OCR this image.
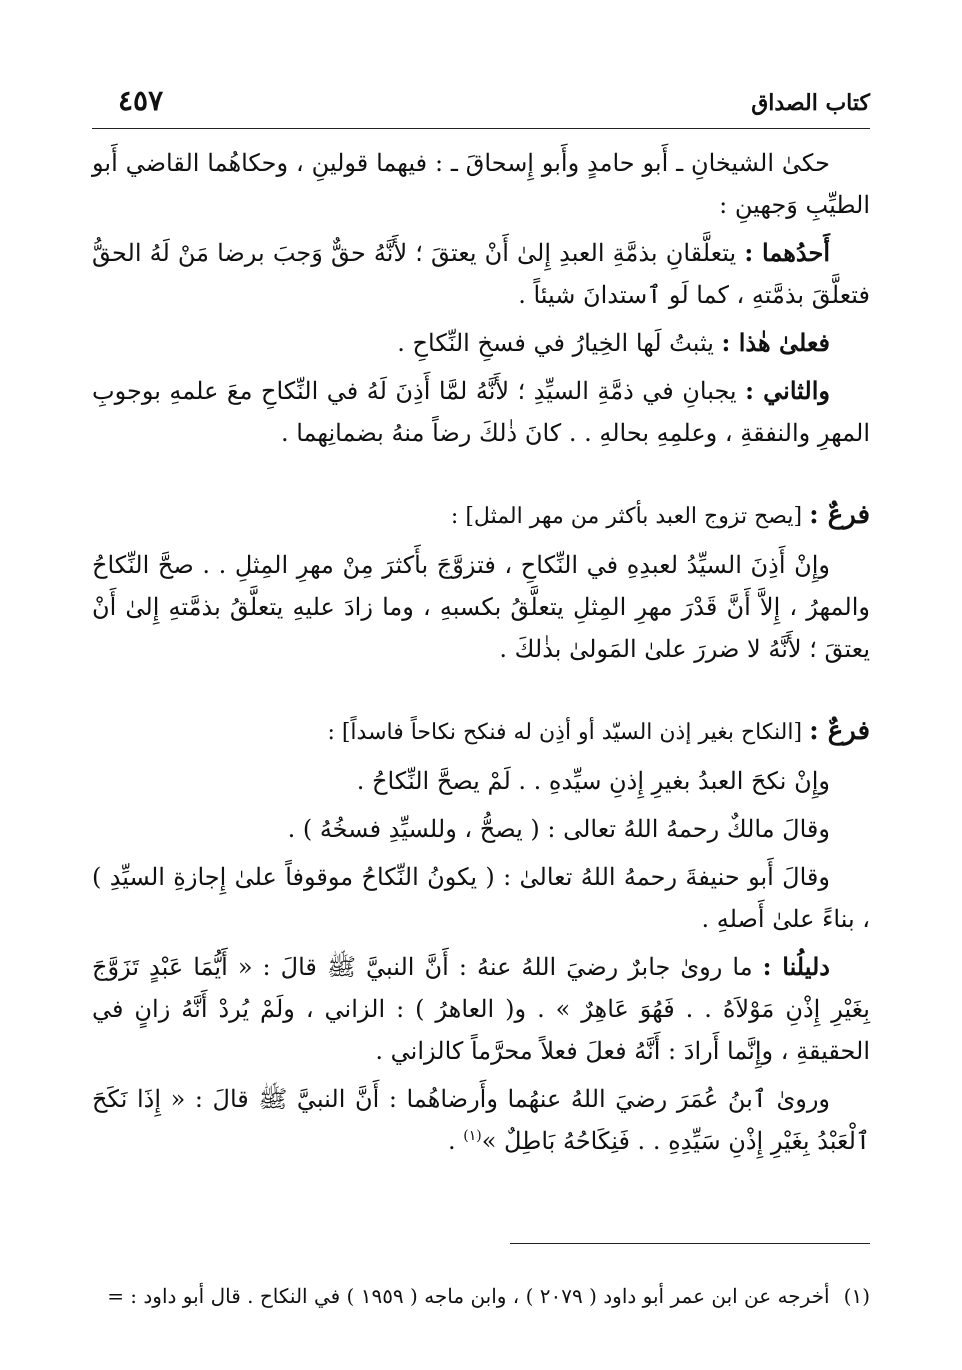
كتاب الصداق
٤٥٧

حكىٰ الشيخانِ ـ أَبو حامدٍ وأَبو إِسحاقَ ـ : فيهما قولينِ ، وحكاهُما القاضي أَبو الطيِّبِ وَجهينِ :

أَحدُهما : يتعلَّقانِ بذمَّةِ العبدِ إِلىٰ أَنْ يعتقَ ؛ لأَنَّهُ حقٌّ وَجبَ برضا مَنْ لَهُ الحقُّ فتعلَّقَ بذمَّتهِ ، كما لَو ٱستدانَ شيئاً .

فعلىٰ هٰذا : يثبتُ لَها الخِيارُ في فسخِ النِّكاحِ .

والثاني : يجبانِ في ذمَّةِ السيِّدِ ؛ لأَنَّهُ لمَّا أَذِنَ لَهُ في النِّكاحِ معَ علمهِ بوجوبِ المهرِ والنفقةِ ، وعلمِهِ بحالهِ . . كانَ ذٰلكَ رضاً منهُ بضمانِهما .

فرعٌ : [يصح تزوج العبد بأكثر من مهر المثل] :

وإِنْ أَذِنَ السيِّدُ لعبدِهِ في النِّكاحِ ، فتزوَّجَ بأَكثرَ مِنْ مهرِ المِثلِ . . صحَّ النِّكاحُ والمهرُ ، إِلاَّ أَنَّ قَدْرَ مهرِ المِثلِ يتعلَّقُ بكسبهِ ، وما زادَ عليهِ يتعلَّقُ بذمَّتهِ إِلىٰ أَنْ يعتقَ ؛ لأَنَّهُ لا ضررَ علىٰ المَولىٰ بذٰلكَ .

فرعٌ : [النكاح بغير إذن السيّد أو أذِن له فنكح نكاحاً فاسداً] :

وإِنْ نكحَ العبدُ بغيرِ إِذنِ سيِّدهِ . . لَمْ يصحَّ النِّكاحُ .

وقالَ مالكٌ رحمهُ اللهُ تعالى : ( يصحُّ ، وللسيِّدِ فسخُهُ ) .

وقالَ أَبو حنيفةَ رحمهُ اللهُ تعالىٰ : ( يكونُ النِّكاحُ موقوفاً علىٰ إِجازةِ السيِّدِ ) ، بناءً علىٰ أَصلهِ .

دليلُنا : ما روىٰ جابرٌ رضيَ اللهُ عنهُ : أَنَّ النبيَّ ﷺ قالَ : « أَيُّمَا عَبْدٍ تَزَوَّجَ بِغَيْرِ إِذْنِ مَوْلاَهُ . . فَهُوَ عَاهِرٌ » . و( العاهرُ ) : الزاني ، ولَمْ يُردْ أَنَّهُ زانٍ في الحقيقةِ ، وإِنَّما أَرادَ : أَنَّهُ فعلَ فعلاً محرَّماً كالزاني .

وروىٰ ٱبنُ عُمَرَ رضيَ اللهُ عنهُما وأَرضاهُما : أَنَّ النبيَّ ﷺ قالَ : « إِذَا نَكَحَ ٱلْعَبْدُ بِغَيْرِ إِذْنِ سَيِّدِهِ . . فَنِكَاحُهُ بَاطِلٌ »$^{(١)}$ .

(١)أخرجه عن ابن عمر أبو داود ( ٢٠٧٩ ) ، وابن ماجه ( ١٩٥٩ ) في النكاح . قال أبو داود : =
